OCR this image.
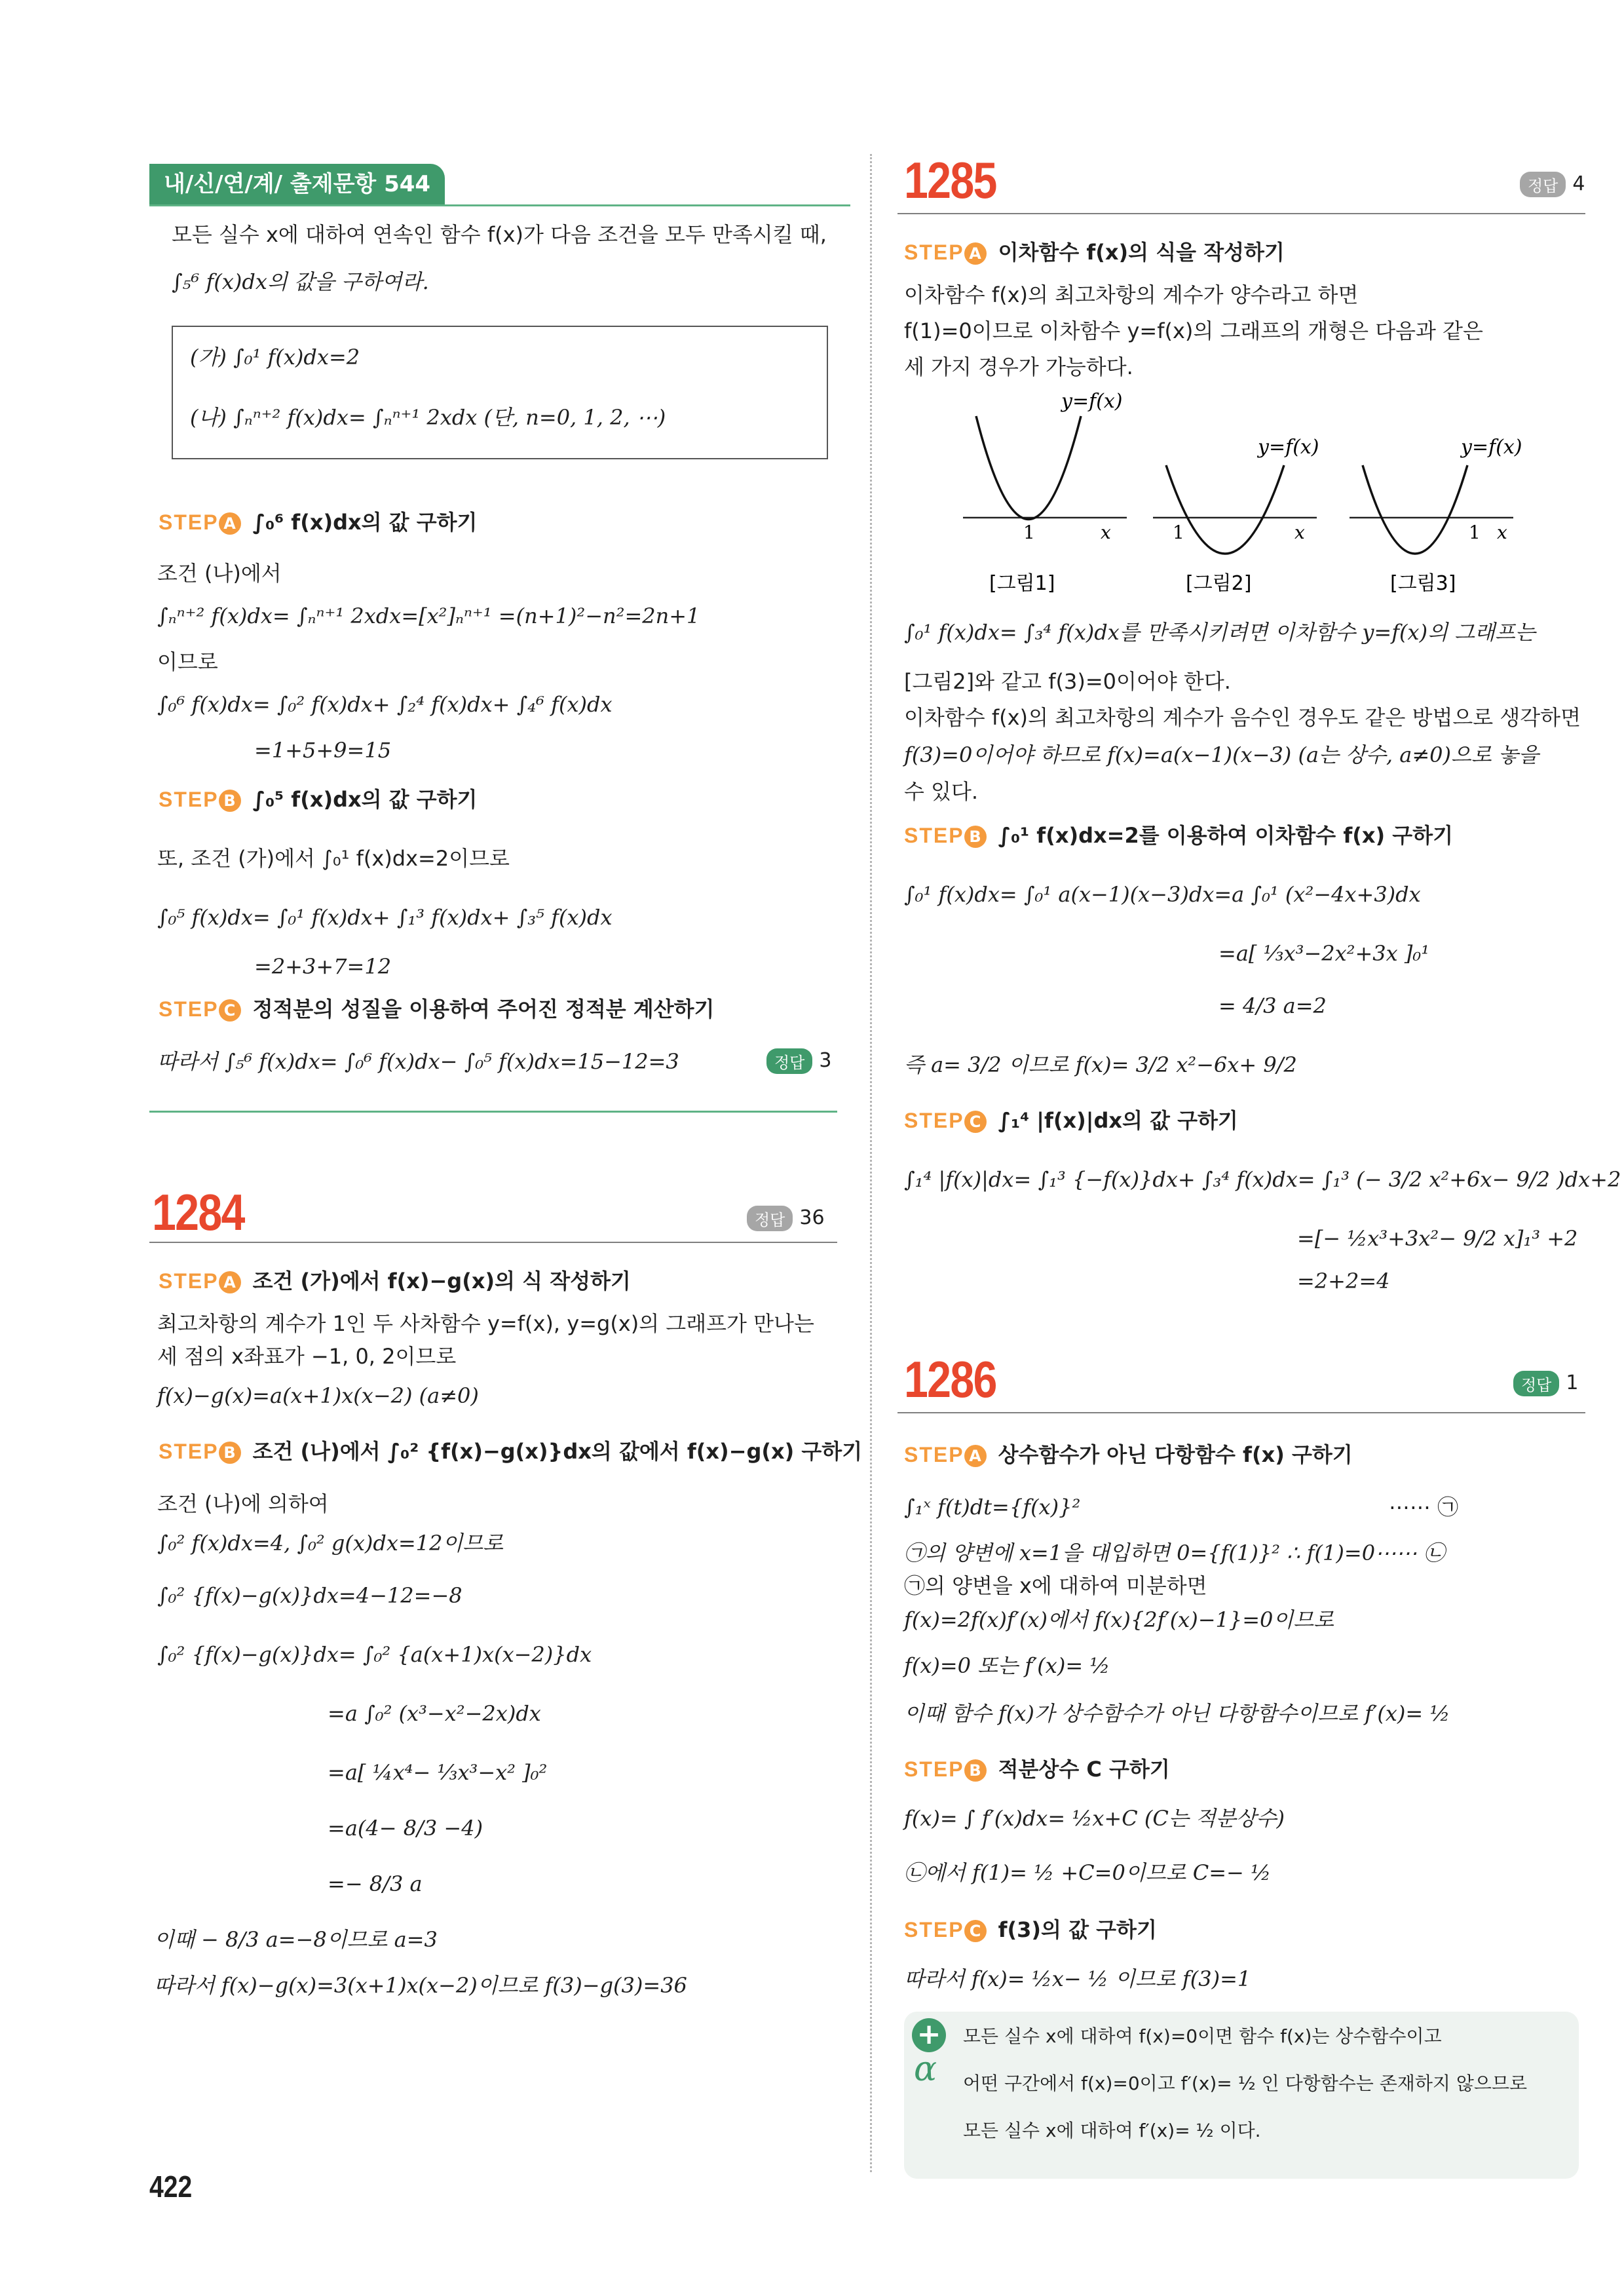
내/신/연/계/ 출제문항 544
모든 실수 x에 대하여 연속인 함수 f(x)가 다음 조건을 모두 만족시킬 때,
∫₅⁶ f(x)dx의 값을 구하여라.
(가) ∫₀¹ f(x)dx=2
(나) ∫ₙⁿ⁺² f(x)dx= ∫ₙⁿ⁺¹ 2xdx (단, n=0, 1, 2, ⋯)
STEP A ∫₀⁶ f(x)dx의 값 구하기
조건 (나)에서
∫ₙⁿ⁺² f(x)dx= ∫ₙⁿ⁺¹ 2xdx=[x²]ₙⁿ⁺¹ =(n+1)²−n²=2n+1
이므로
∫₀⁶ f(x)dx= ∫₀² f(x)dx+ ∫₂⁴ f(x)dx+ ∫₄⁶ f(x)dx
=1+5+9=15
STEP B ∫₀⁵ f(x)dx의 값 구하기
또, 조건 (가)에서 ∫₀¹ f(x)dx=2이므로
∫₀⁵ f(x)dx= ∫₀¹ f(x)dx+ ∫₁³ f(x)dx+ ∫₃⁵ f(x)dx
=2+3+7=12
STEP C 정적분의 성질을 이용하여 주어진 정적분 계산하기
따라서 ∫₅⁶ f(x)dx= ∫₀⁶ f(x)dx− ∫₀⁵ f(x)dx=15−12=3	정답 3
1284	정답 36
STEP A 조건 (가)에서 f(x)−g(x)의 식 작성하기
최고차항의 계수가 1인 두 사차함수 y=f(x), y=g(x)의 그래프가 만나는
세 점의 x좌표가 −1, 0, 2이므로
f(x)−g(x)=a(x+1)x(x−2) (a≠0)
STEP B 조건 (나)에서 ∫₀² {f(x)−g(x)}dx의 값에서 f(x)−g(x) 구하기
조건 (나)에 의하여
∫₀² f(x)dx=4, ∫₀² g(x)dx=12이므로
∫₀² {f(x)−g(x)}dx=4−12=−8
∫₀² {f(x)−g(x)}dx= ∫₀² {a(x+1)x(x−2)}dx
=a ∫₀² (x³−x²−2x)dx
=a[ ¼x⁴− ⅓x³−x² ]₀²
=a(4− 8/3 −4)
=− 8/3 a
이때 − 8/3 a=−8이므로 a=3
따라서 f(x)−g(x)=3(x+1)x(x−2)이므로 f(3)−g(3)=36
422
1285	정답 4
STEP A 이차함수 f(x)의 식을 작성하기
이차함수 f(x)의 최고차항의 계수가 양수라고 하면
f(1)=0이므로 이차함수 y=f(x)의 그래프의 개형은 다음과 같은
세 가지 경우가 가능하다.
y=f(x)
1	x
[그림1]
y=f(x)
1	x
[그림2]
y=f(x)
1 x
[그림3]
∫₀¹ f(x)dx= ∫₃⁴ f(x)dx를 만족시키려면 이차함수 y=f(x)의 그래프는
[그림2]와 같고 f(3)=0이어야 한다.
이차함수 f(x)의 최고차항의 계수가 음수인 경우도 같은 방법으로 생각하면
f(3)=0이어야 하므로 f(x)=a(x−1)(x−3) (a는 상수, a≠0)으로 놓을
수 있다.
STEP B ∫₀¹ f(x)dx=2를 이용하여 이차함수 f(x) 구하기
∫₀¹ f(x)dx= ∫₀¹ a(x−1)(x−3)dx=a ∫₀¹ (x²−4x+3)dx
=a[ ⅓x³−2x²+3x ]₀¹
= 4/3 a=2
즉 a= 3/2 이므로 f(x)= 3/2 x²−6x+ 9/2
STEP C ∫₁⁴ |f(x)|dx의 값 구하기
∫₁⁴ |f(x)|dx= ∫₁³ {−f(x)}dx+ ∫₃⁴ f(x)dx= ∫₁³ (− 3/2 x²+6x− 9/2 )dx+2
=[− ½x³+3x²− 9/2 x]₁³ +2
=2+2=4
1286	정답 1
STEP A 상수함수가 아닌 다항함수 f(x) 구하기
∫₁ˣ f(t)dt={f(x)}²	⋯⋯ ㉠
㉠의 양변에 x=1을 대입하면 0={f(1)}² ∴ f(1)=0⋯⋯ ㉡
㉠의 양변을 x에 대하여 미분하면
f(x)=2f(x)f′(x)에서 f(x){2f′(x)−1}=0이므로
f(x)=0 또는 f′(x)= ½
이때 함수 f(x)가 상수함수가 아닌 다항함수이므로 f′(x)= ½
STEP B 적분상수 C 구하기
f(x)= ∫ f′(x)dx= ½x+C (C는 적분상수)
㉡에서 f(1)= ½ +C=0이므로 C=− ½
STEP C f(3)의 값 구하기
따라서 f(x)= ½x− ½ 이므로 f(3)=1
+
α
모든 실수 x에 대하여 f(x)=0이면 함수 f(x)는 상수함수이고
어떤 구간에서 f(x)=0이고 f′(x)= ½ 인 다항함수는 존재하지 않으므로
모든 실수 x에 대하여 f′(x)= ½ 이다.
